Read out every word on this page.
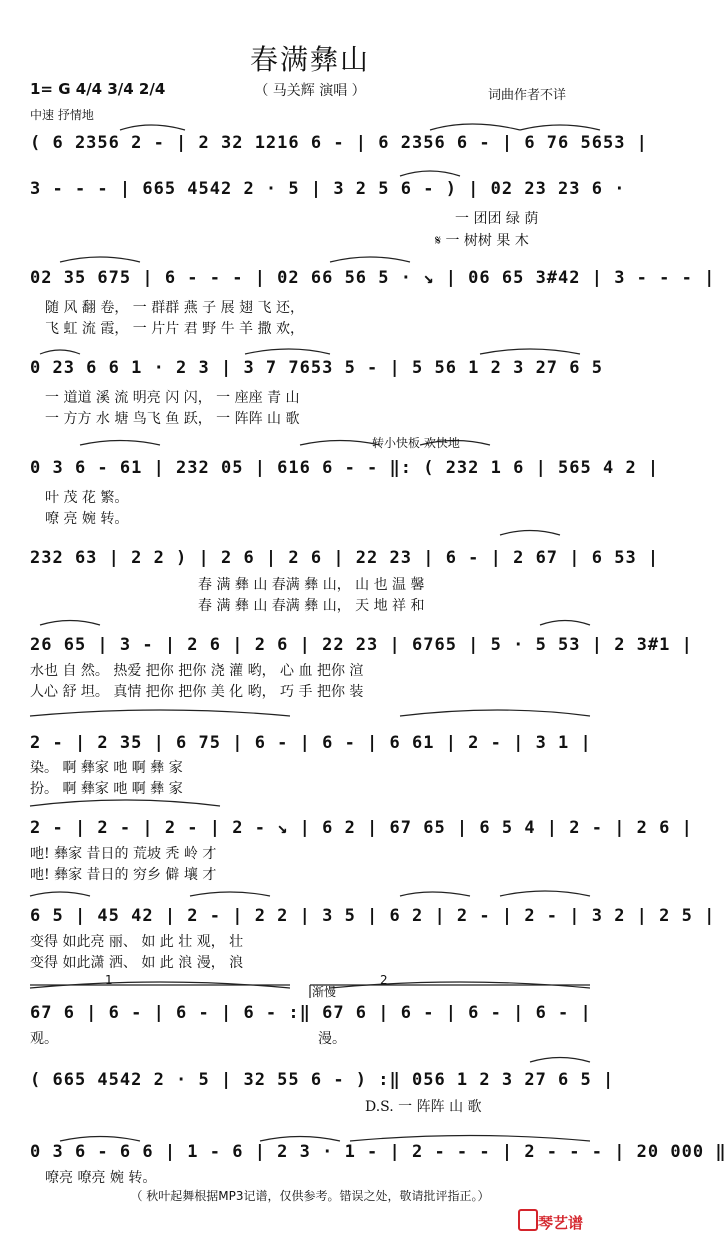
春满彝山
（ 马关辉 演唱 ）	词曲作者不详
1= G 4/4 3/4 2/4
中速 抒情地
1	2
渐慢
转小快板 欢快地
( 6 2356 2 - | 2 32 1216 6 - | 6 2356 6 - | 6 76 5653 |
3 - - - | 665 4542 2 · 5 | 3 2 5 6 - ) | 02 23 23 6 ·
一 团团 绿 荫
𝄋 一 树树 果 木
02 35 675 | 6 - - - | 02 66 56 5 · ↘ | 06 65 3#42 | 3 - - - |
随 风 翻 卷， 一 群群 燕 子 展 翅 飞 还，
飞 虹 流 霞， 一 片片 君 野 牛 羊 撒 欢，
0 23 6 6 1 · 2 3 | 3 7 7653 5 - | 5 56 1 2 3 27 6 5
一 道道 溪 流 明亮 闪 闪， 一 座座 青 山
一 方方 水 塘 鸟飞 鱼 跃， 一 阵阵 山 歌
0 3 6 - 61 | 232 05 | 616 6 - - ‖: ( 232 1 6 | 565 4 2 |
叶 茂 花 繁。
嘹 亮 婉 转。
232 63 | 2 2 ) | 2 6 | 2 6 | 22 23 | 6 - | 2 67 | 6 53 |
春 满 彝 山 春满 彝 山， 山 也 温 馨
春 满 彝 山 春满 彝 山， 天 地 祥 和
26 65 | 3 - | 2 6 | 2 6 | 22 23 | 6765 | 5 · 5 53 | 2 3#1 |
水也 自 然。 热爱 把你 把你 浇 灌 哟， 心 血 把你 渲
人心 舒 坦。 真情 把你 把你 美 化 哟， 巧 手 把你 装
2 - | 2 35 | 6 75 | 6 - | 6 - | 6 61 | 2 - | 3 1 |
染。 啊 彝家 吔 啊 彝 家
扮。 啊 彝家 吔 啊 彝 家
2 - | 2 - | 2 - | 2 - ↘ | 6 2 | 67 65 | 6 5 4 | 2 - | 2 6 |
吔! 彝家 昔日的 荒坡 秃 岭 才
吔! 彝家 昔日的 穷乡 僻 壤 才
6 5 | 45 42 | 2 - | 2 2 | 3 5 | 6 2 | 2 - | 2 - | 3 2 | 2 5 |
变得 如此亮 丽、 如 此 壮 观， 壮
变得 如此潇 洒、 如 此 浪 漫， 浪
67 6 | 6 - | 6 - | 6 - :‖ 67 6 | 6 - | 6 - | 6 - |
观。	漫。
( 665 4542 2 · 5 | 32 55 6 - ) :‖ 056 1 2 3 27 6 5 |
D.S. 一 阵阵 山 歌
0 3 6 - 6 6 | 1 - 6 | 2 3 · 1 - | 2 - - - | 2 - - - | 20 000 ‖
嘹亮 嘹亮 婉 转。
（ 秋叶起舞根据MP3记谱，仅供参考。错误之处，敬请批评指正。）
琴艺谱
